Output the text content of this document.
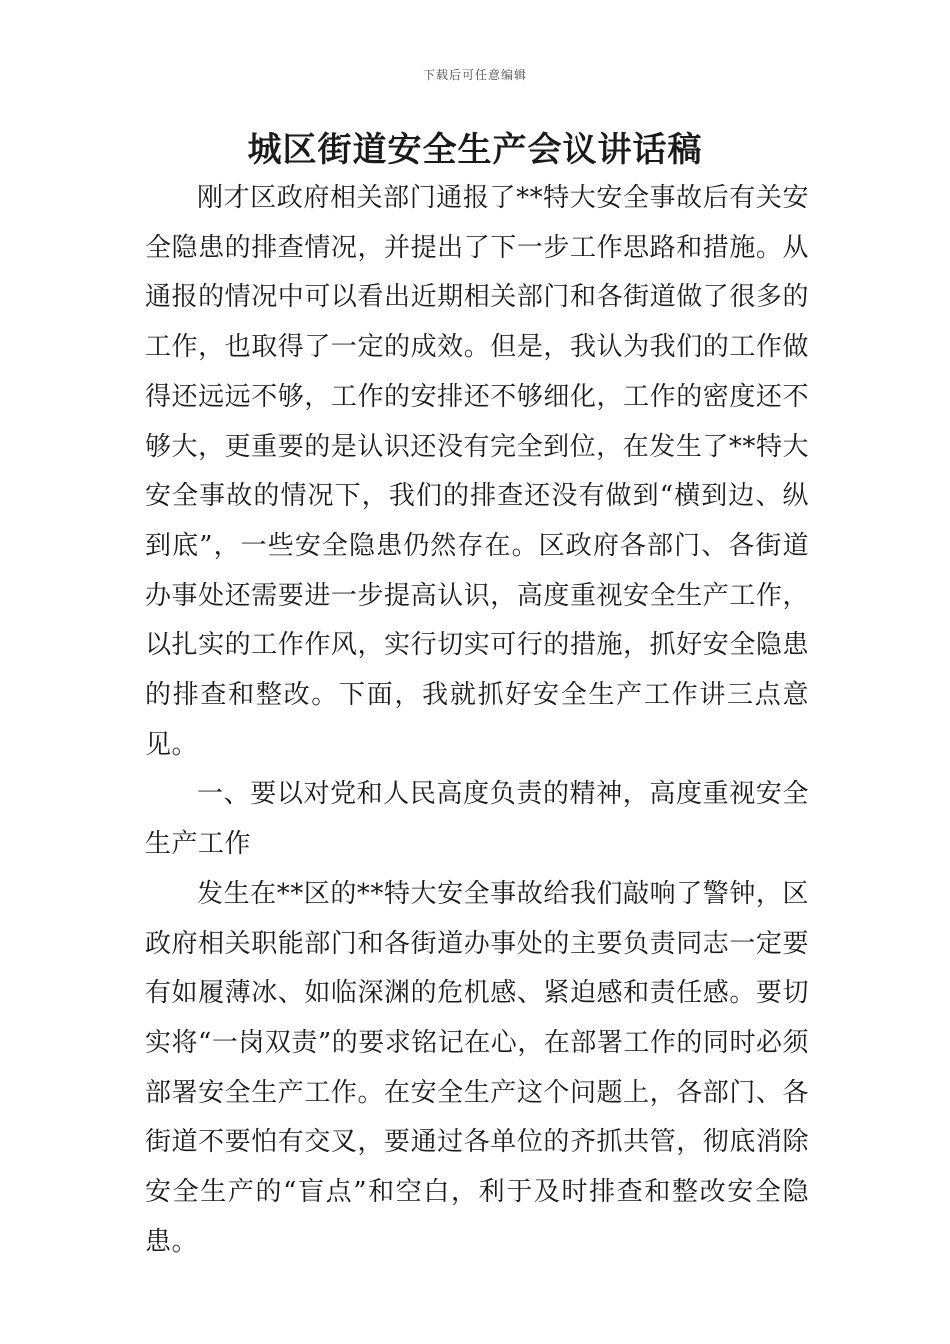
下载后可任意编辑
城区街道安全生产会议讲话稿

刚才区政府相关部门通报了**特大安全事故后有关安全隐患的排查情况，并提出了下一步工作思路和措施。从通报的情况中可以看出近期相关部门和各街道做了很多的工作，也取得了一定的成效。但是，我认为我们的工作做得还远远不够，工作的安排还不够细化，工作的密度还不够大，更重要的是认识还没有完全到位，在发生了**特大安全事故的情况下，我们的排查还没有做到“横到边、纵到底”，一些安全隐患仍然存在。区政府各部门、各街道办事处还需要进一步提高认识，高度重视安全生产工作，以扎实的工作作风，实行切实可行的措施，抓好安全隐患的排查和整改。下面，我就抓好安全生产工作讲三点意见。

一、要以对党和人民高度负责的精神，高度重视安全生产工作

发生在**区的**特大安全事故给我们敲响了警钟，区政府相关职能部门和各街道办事处的主要负责同志一定要有如履薄冰、如临深渊的危机感、紧迫感和责任感。要切实将“一岗双责”的要求铭记在心，在部署工作的同时必须部署安全生产工作。在安全生产这个问题上，各部门、各街道不要怕有交叉，要通过各单位的齐抓共管，彻底消除安全生产的“盲点”和空白，利于及时排查和整改安全隐患。
